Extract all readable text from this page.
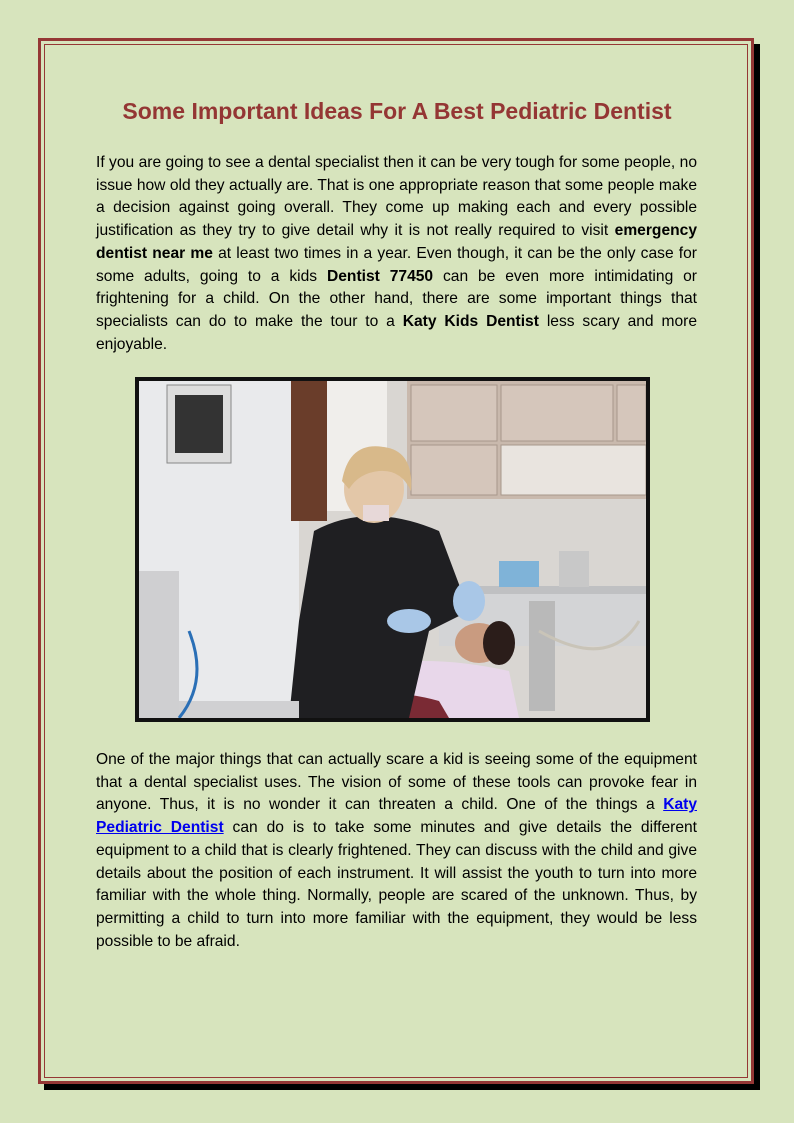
Some Important Ideas For A Best Pediatric Dentist

If you are going to see a dental specialist then it can be very tough for some people, no issue how old they actually are. That is one appropriate reason that some people make a decision against going overall. They come up making each and every possible justification as they try to give detail why it is not really required to visit emergency dentist near me at least two times in a year. Even though, it can be the only case for some adults, going to a kids Dentist 77450 can be even more intimidating or frightening for a child. On the other hand, there are some important things that specialists can do to make the tour to a Katy Kids Dentist less scary and more enjoyable.

One of the major things that can actually scare a kid is seeing some of the equipment that a dental specialist uses. The vision of some of these tools can provoke fear in anyone. Thus, it is no wonder it can threaten a child. One of the things a Katy Pediatric Dentist can do is to take some minutes and give details the different equipment to a child that is clearly frightened. They can discuss with the child and give details about the position of each instrument. It will assist the youth to turn into more familiar with the whole thing. Normally, people are scared of the unknown. Thus, by permitting a child to turn into more familiar with the equipment, they would be less possible to be afraid.
